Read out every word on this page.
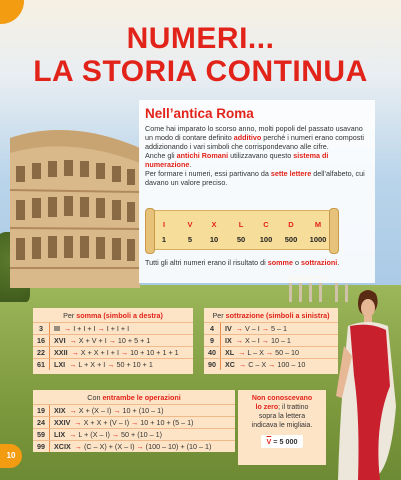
NUMERI...
LA STORIA CONTINUA
Nell’antica Roma

Come hai imparato lo scorso anno, molti popoli del passato usavano un modo di contare definito additivo perché i numeri erano composti addizionando i vari simboli che corrispondevano alle cifre.

Anche gli antichi Romani utilizzavano questo sistema di numerazione.

Per formare i numeri, essi partivano da sette lettere dell’alfabeto, cui davano un valore preciso.

I	V	X	L	C	D	M
1	5	10	50	100	500	1000
Tutti gli altri numeri erano il risultato di somme o sottrazioni.
Per somma (simboli a destra)
3	III → I + I + I → I + I + I
16	XVI → X + V + I → 10 + 5 + 1
22	XXII → X + X + I + I → 10 + 10 + 1 + 1
61	LXI → L + X + I → 50 + 10 + 1
Per sottrazione (simboli a sinistra)
4	IV → V – I → 5 – 1
9	IX → X – I → 10 – 1
40	XL → L – X → 50 – 10
90	XC → C – X → 100 – 10
Con entrambe le operazioni
19	XIX → X + (X – I) → 10 + (10 – 1)
24	XXIV → X + X + (V – I) → 10 + 10 + (5 – 1)
59	LIX → L + (X – I) → 50 + (10 – 1)
99	XCIX → (C – X) + (X – I) → (100 – 10) + (10 – 1)
Non conoscevano
lo zero; il trattino
sopra la lettera
indicava le migliaia.
$\overline{V} = 5$ 000
10
